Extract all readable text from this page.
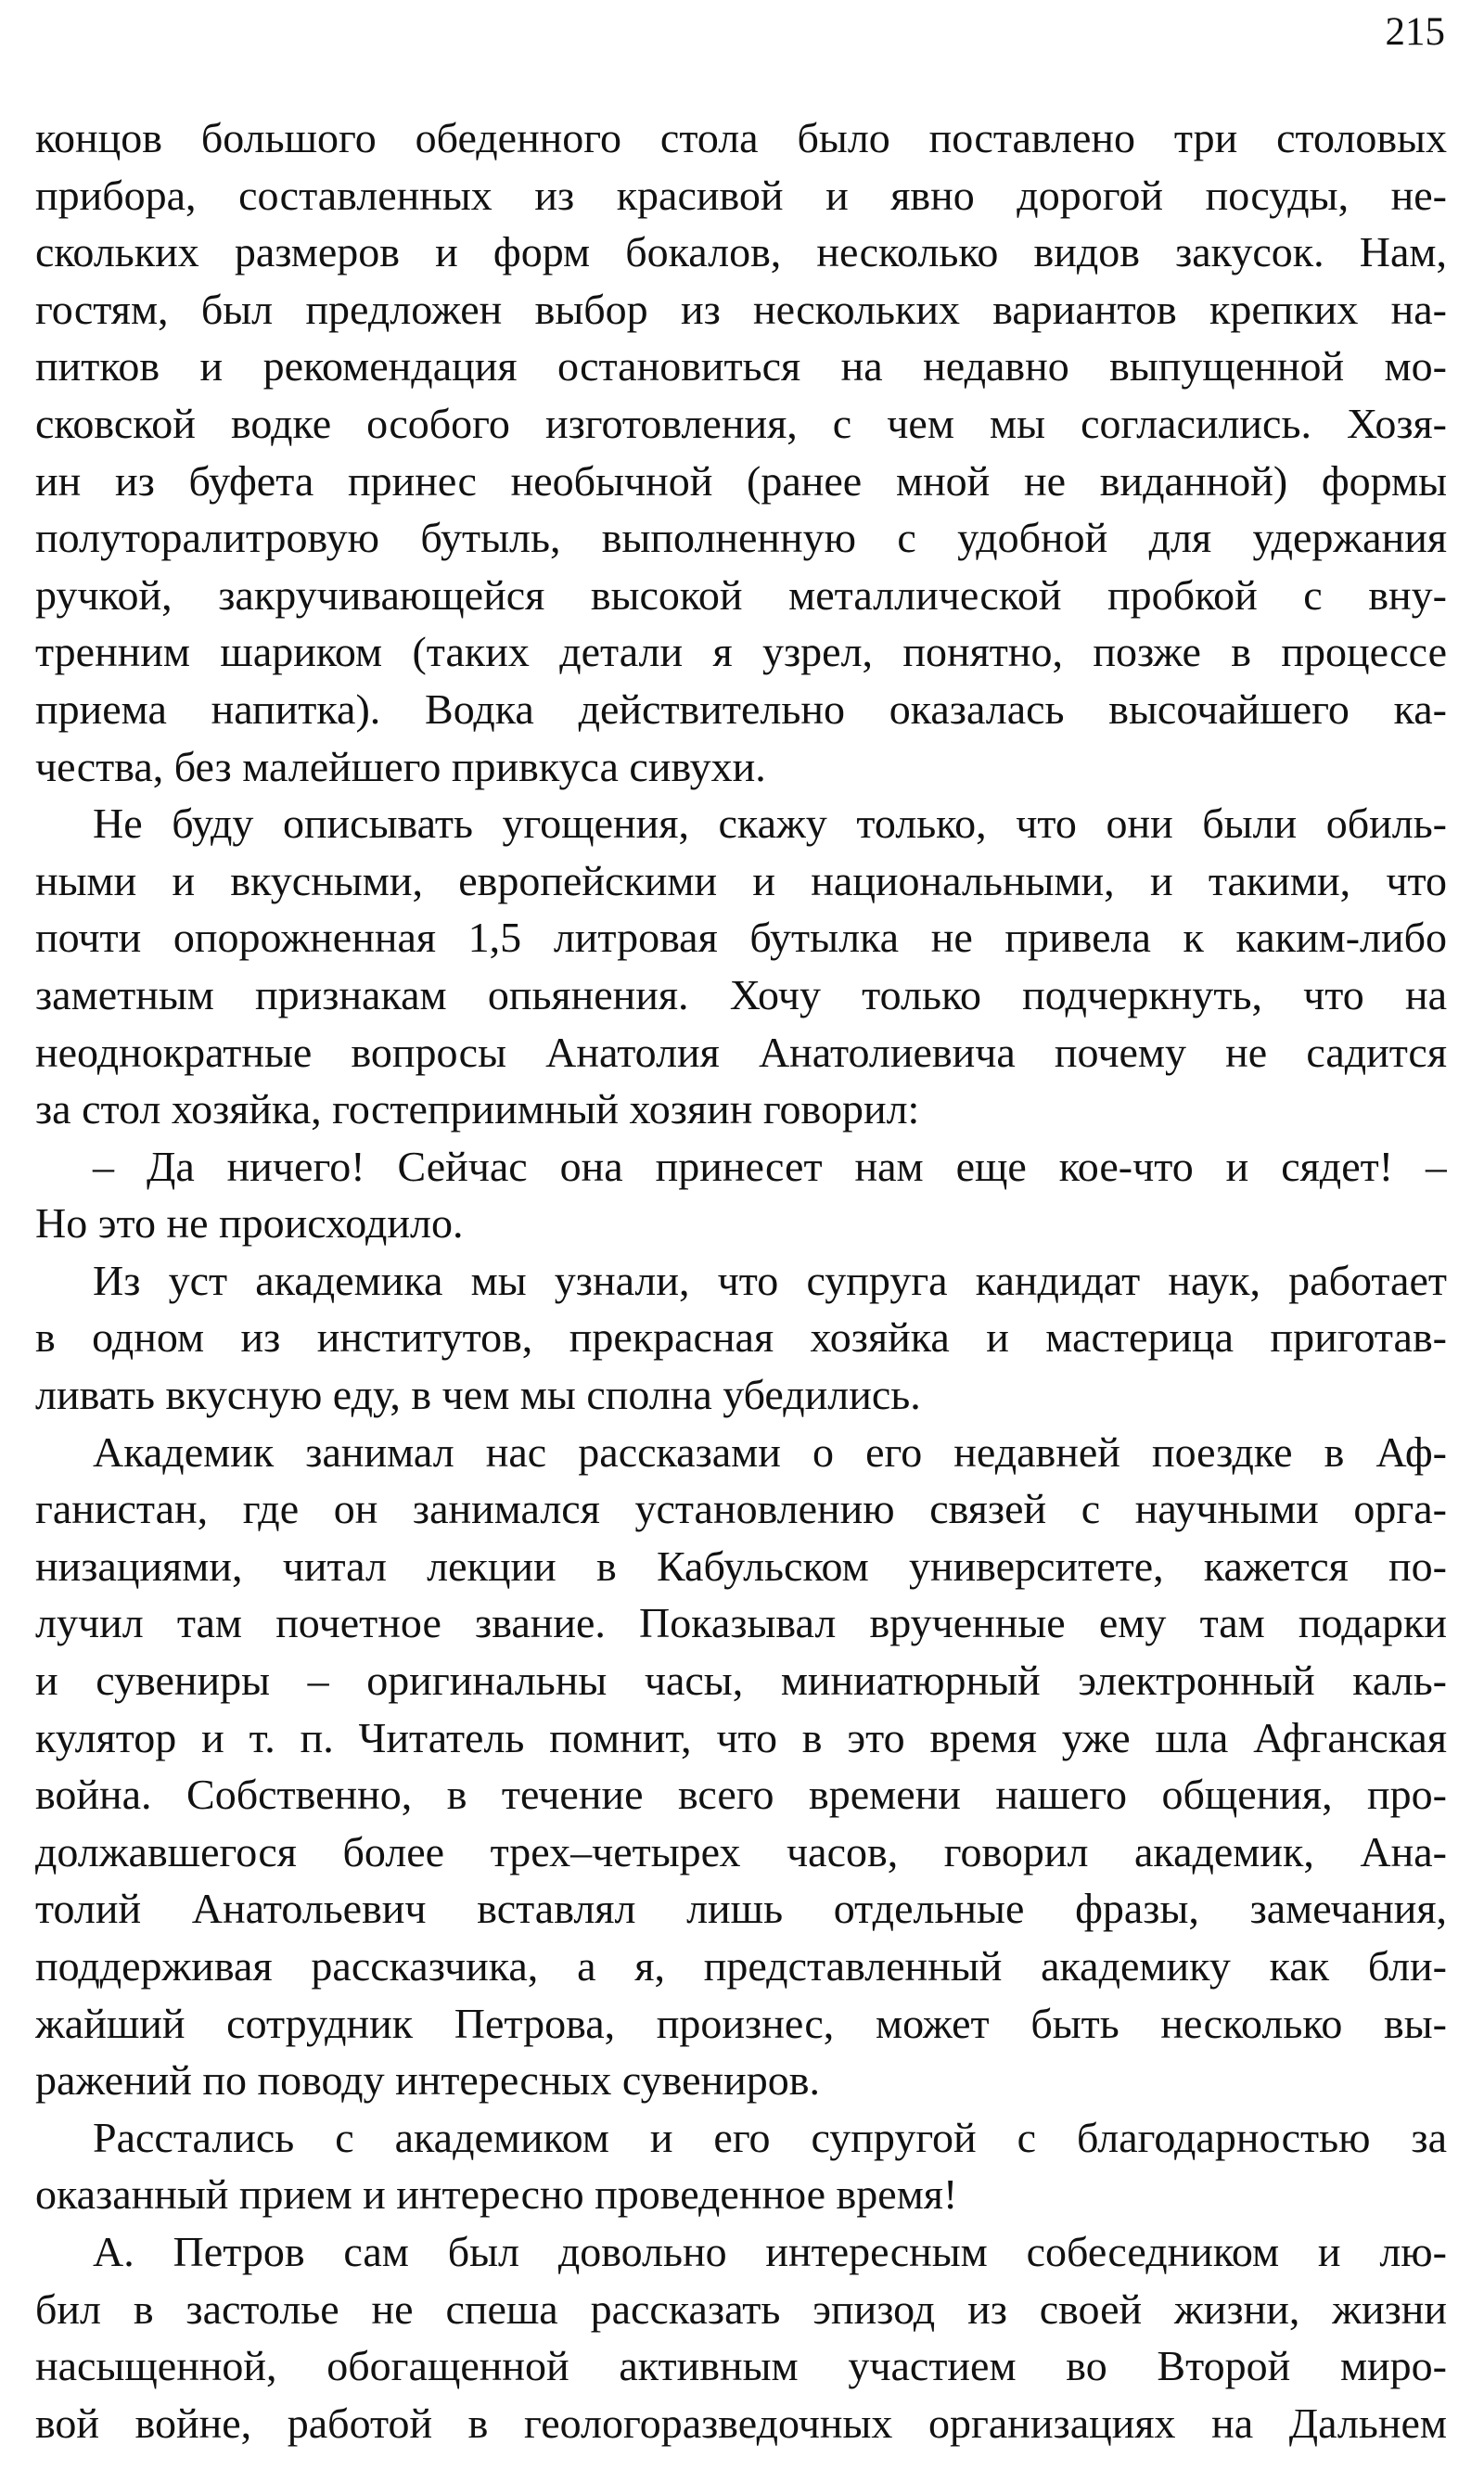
215
концов большого обеденного стола было поставлено три столовых
прибора, составленных из красивой и явно дорогой посуды, не-
скольких размеров и форм бокалов, несколько видов закусок. Нам,
гостям, был предложен выбор из нескольких вариантов крепких на-
питков и рекомендация остановиться на недавно выпущенной мо-
сковской водке особого изготовления, с чем мы согласились. Хозя-
ин из буфета принес необычной (ранее мной не виданной) формы
полуторалитровую бутыль, выполненную с удобной для удержания
ручкой, закручивающейся высокой металлической пробкой с вну-
тренним шариком (таких детали я узрел, понятно, позже в процессе
приема напитка). Водка действительно оказалась высочайшего ка-
чества, без малейшего привкуса сивухи.
Не буду описывать угощения, скажу только, что они были обиль-
ными и вкусными, европейскими и национальными, и такими, что
почти опорожненная 1,5 литровая бутылка не привела к каким-либо
заметным признакам опьянения. Хочу только подчеркнуть, что на
неоднократные вопросы Анатолия Анатолиевича почему не садится
за стол хозяйка, гостеприимный хозяин говорил:
– Да ничего! Сейчас она принесет нам еще кое-что и сядет! –
Но это не происходило.
Из уст академика мы узнали, что супруга кандидат наук, работает
в одном из институтов, прекрасная хозяйка и мастерица приготав-
ливать вкусную еду, в чем мы сполна убедились.
Академик занимал нас рассказами о его недавней поездке в Аф-
ганистан, где он занимался установлению связей с научными орга-
низациями, читал лекции в Кабульском университете, кажется по-
лучил там почетное звание. Показывал врученные ему там подарки
и сувениры – оригинальны часы, миниатюрный электронный каль-
кулятор и т. п. Читатель помнит, что в это время уже шла Афганская
война. Собственно, в течение всего времени нашего общения, про-
должавшегося более трех–четырех часов, говорил академик, Ана-
толий Анатольевич вставлял лишь отдельные фразы, замечания,
поддерживая рассказчика, а я, представленный академику как бли-
жайший сотрудник Петрова, произнес, может быть несколько вы-
ражений по поводу интересных сувениров.
Расстались с академиком и его супругой с благодарностью за
оказанный прием и интересно проведенное время!
А. Петров сам был довольно интересным собеседником и лю-
бил в застолье не спеша рассказать эпизод из своей жизни, жизни
насыщенной, обогащенной активным участием во Второй миро-
вой войне, работой в геологоразведочных организациях на Дальнем
